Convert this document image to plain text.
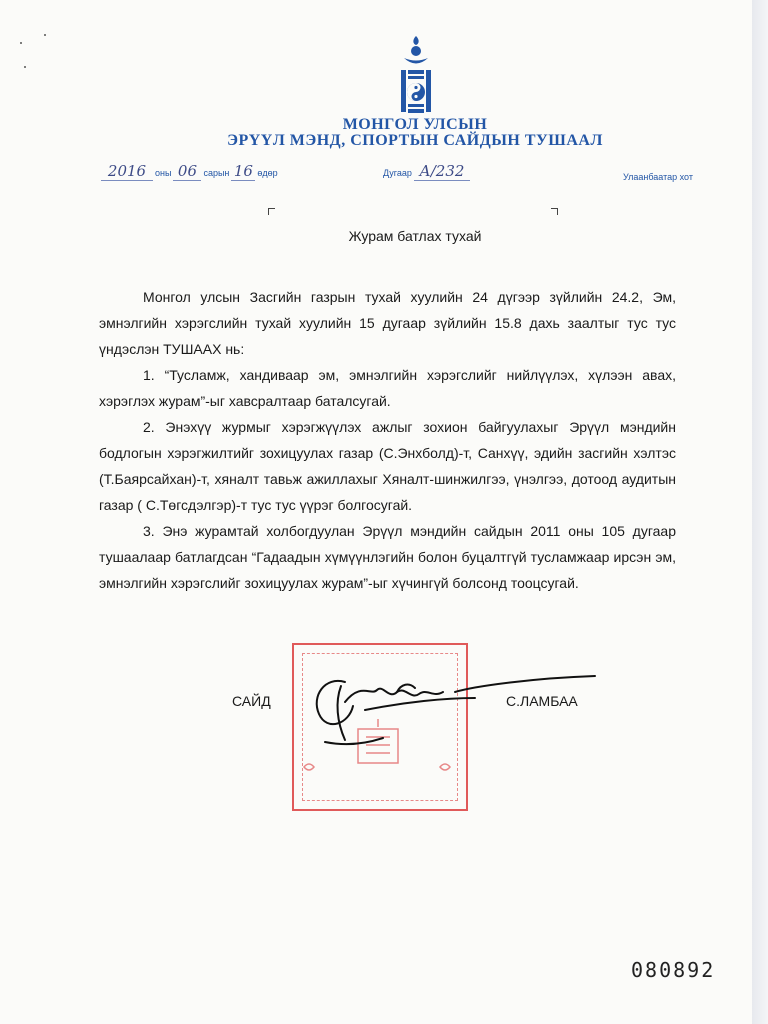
МОНГОЛ УЛСЫН
ЭРҮҮЛ МЭНД, СПОРТЫН САЙДЫН ТУШААЛ
2016 оны 06 сарын 16 өдөр	Дугаар А/232	Улаанбаатар хот
Журам батлах тухай

Монгол улсын Засгийн газрын тухай хуулийн 24 дүгээр зүйлийн 24.2, Эм, эмнэлгийн хэрэгслийн тухай хуулийн 15 дугаар зүйлийн 15.8 дахь заалтыг тус тус үндэслэн ТУШААХ нь:

1. “Тусламж, хандиваар эм, эмнэлгийн хэрэгслийг нийлүүлэх, хүлээн авах, хэрэглэх журам”-ыг хавсралтаар баталсугай.

2. Энэхүү журмыг хэрэгжүүлэх ажлыг зохион байгуулахыг Эрүүл мэндийн бодлогын хэрэгжилтийг зохицуулах газар (С.Энхболд)-т, Санхүү, эдийн засгийн хэлтэс (Т.Баярсайхан)-т, хяналт тавьж ажиллахыг Хяналт-шинжилгээ, үнэлгээ, дотоод аудитын газар ( С.Төгсдэлгэр)-т тус тус үүрэг болгосугай.

3. Энэ журамтай холбогдуулан Эрүүл мэндийн сайдын 2011 оны 105 дугаар тушаалаар батлагдсан “Гадаадын хүмүүнлэгийн болон буцалтгүй тусламжаар ирсэн эм, эмнэлгийн хэрэгслийг зохицуулах журам”-ыг хүчингүй болсонд тооцсугай.

САЙД	С.ЛАМБАА
080892
